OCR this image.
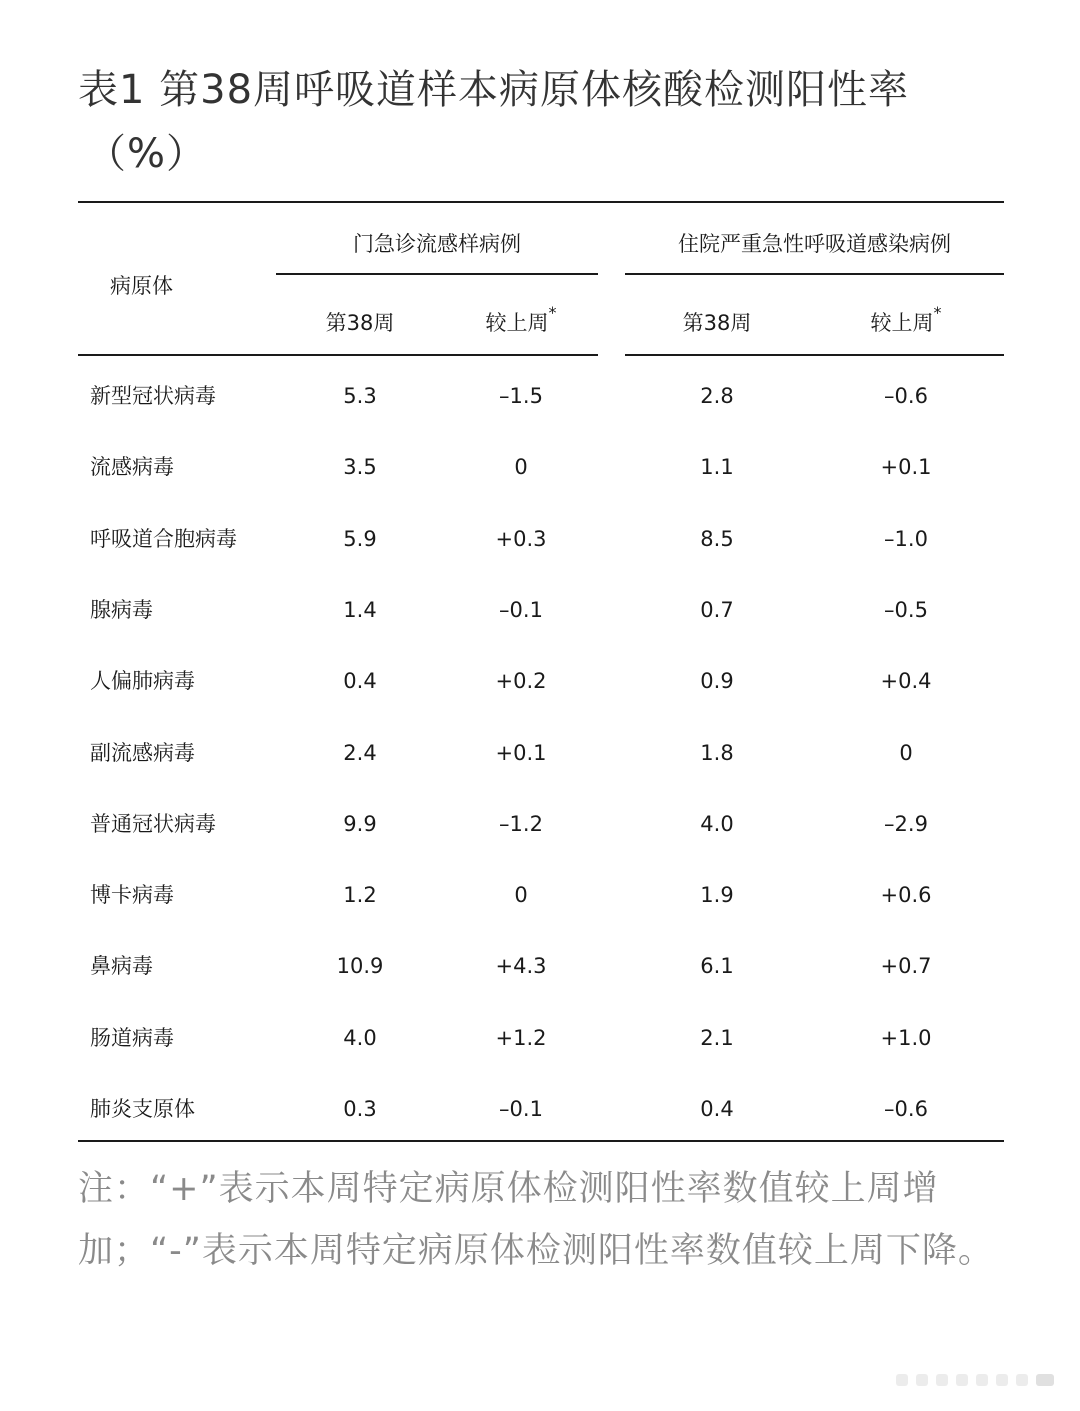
表1 第38周呼吸道样本病原体核酸检测阳性率
（%）
病原体
门急诊流感样病例	住院严重急性呼吸道感染病例
第38周	较上周*	第38周	较上周*
新型冠状病毒	5.3	–1.5	2.8	–0.6
流感病毒	3.5	0	1.1	+0.1
呼吸道合胞病毒	5.9	+0.3	8.5	–1.0
腺病毒	1.4	–0.1	0.7	–0.5
人偏肺病毒	0.4	+0.2	0.9	+0.4
副流感病毒	2.4	+0.1	1.8	0
普通冠状病毒	9.9	–1.2	4.0	–2.9
博卡病毒	1.2	0	1.9	+0.6
鼻病毒	10.9	+4.3	6.1	+0.7
肠道病毒	4.0	+1.2	2.1	+1.0
肺炎支原体	0.3	–0.1	0.4	–0.6
注：“+”表示本周特定病原体检测阳性率数值较上周增加；“-”表示本周特定病原体检测阳性率数值较上周下降。
